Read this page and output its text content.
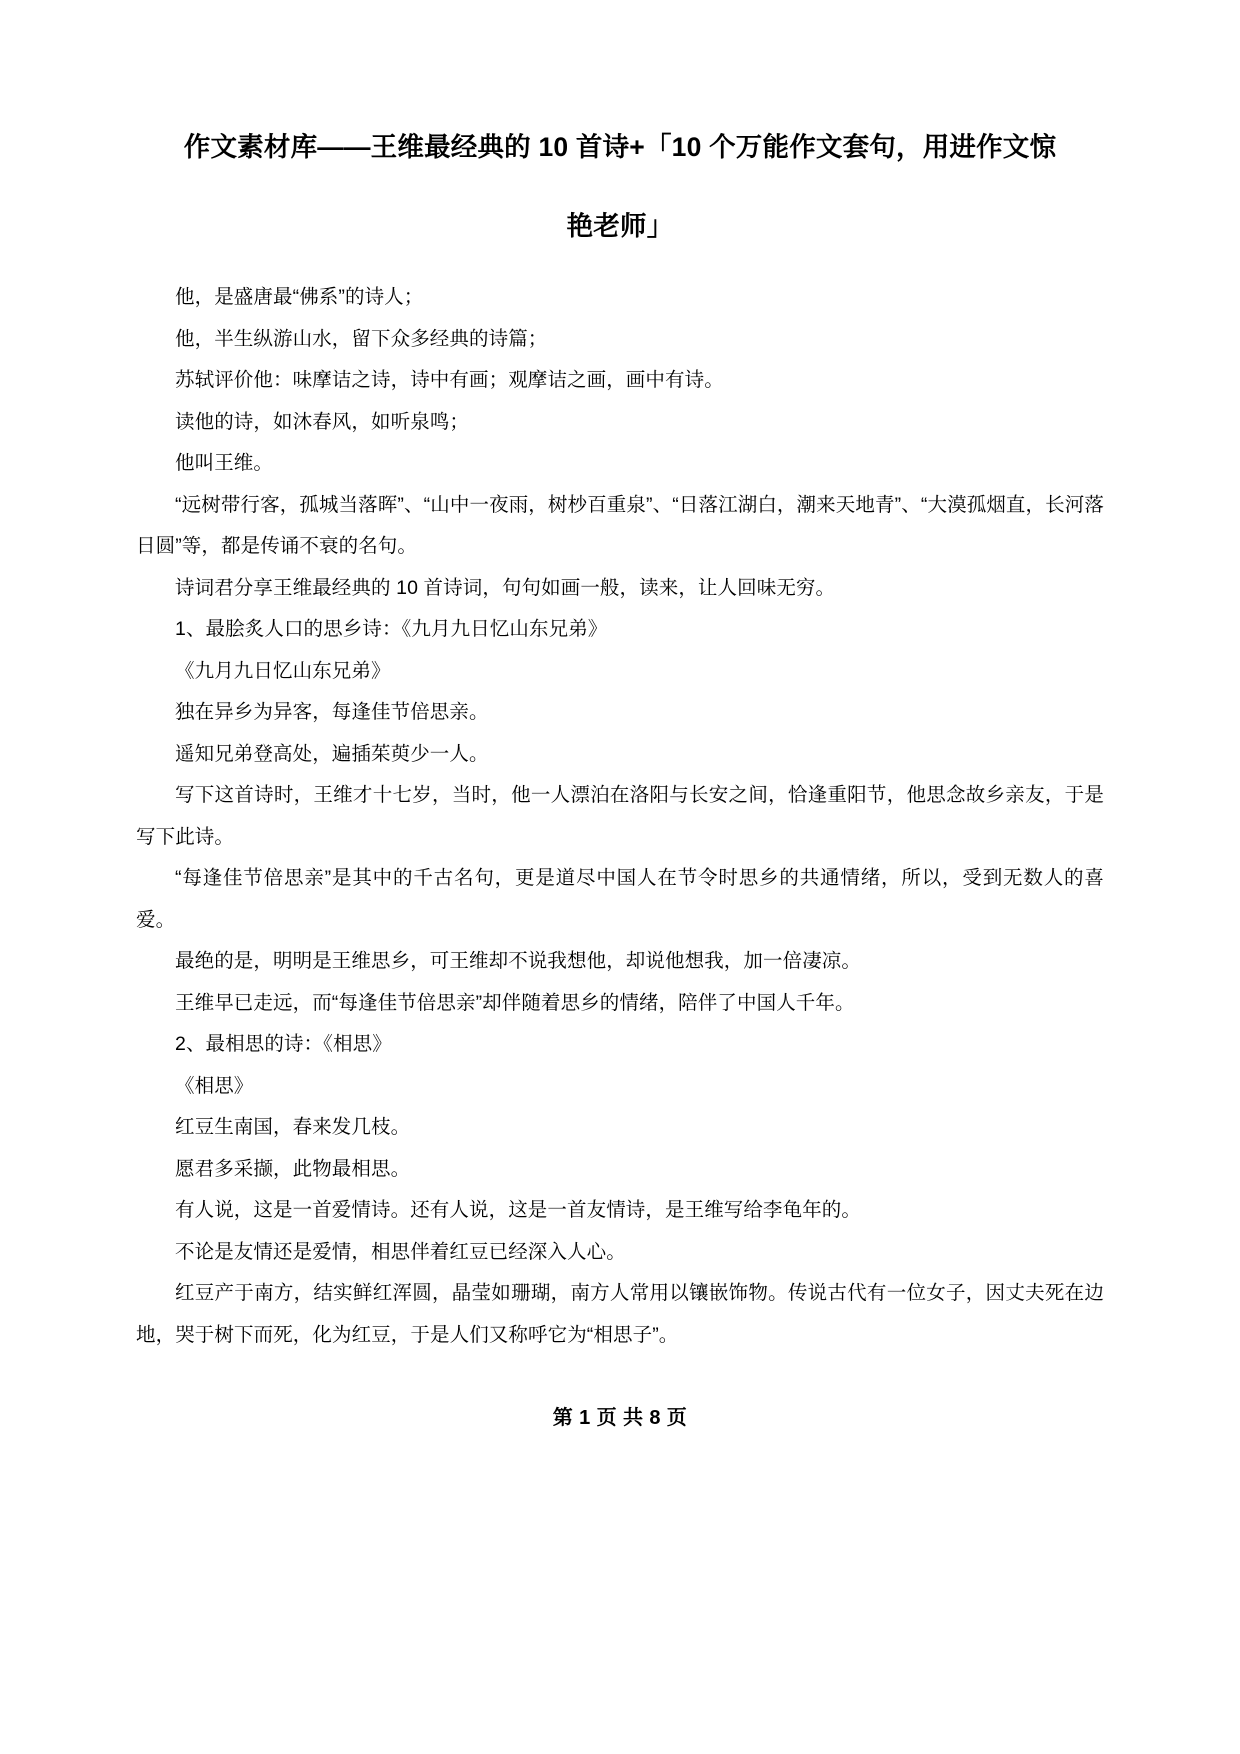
作文素材库——王维最经典的 10 首诗+「10 个万能作文套句，用进作文惊
艳老师」

他，是盛唐最“佛系”的诗人；

他，半生纵游山水，留下众多经典的诗篇；

苏轼评价他：味摩诘之诗，诗中有画；观摩诘之画，画中有诗。

读他的诗，如沐春风，如听泉鸣；

他叫王维。

“远树带行客，孤城当落晖”、“山中一夜雨，树杪百重泉”、“日落江湖白，潮来天地青”、“大漠孤烟直，长河落日圆”等，都是传诵不衰的名句。

诗词君分享王维最经典的 10 首诗词，句句如画一般，读来，让人回味无穷。

1、最脍炙人口的思乡诗：《九月九日忆山东兄弟》

《九月九日忆山东兄弟》

独在异乡为异客，每逢佳节倍思亲。

遥知兄弟登高处，遍插茱萸少一人。

写下这首诗时，王维才十七岁，当时，他一人漂泊在洛阳与长安之间，恰逢重阳节，他思念故乡亲友，于是写下此诗。

“每逢佳节倍思亲”是其中的千古名句，更是道尽中国人在节令时思乡的共通情绪，所以，受到无数人的喜爱。

最绝的是，明明是王维思乡，可王维却不说我想他，却说他想我，加一倍凄凉。

王维早已走远，而“每逢佳节倍思亲”却伴随着思乡的情绪，陪伴了中国人千年。

2、最相思的诗：《相思》

《相思》

红豆生南国，春来发几枝。

愿君多采撷，此物最相思。

有人说，这是一首爱情诗。还有人说，这是一首友情诗，是王维写给李龟年的。

不论是友情还是爱情，相思伴着红豆已经深入人心。

红豆产于南方，结实鲜红浑圆，晶莹如珊瑚，南方人常用以镶嵌饰物。传说古代有一位女子，因丈夫死在边地，哭于树下而死，化为红豆，于是人们又称呼它为“相思子”。

第 1 页 共 8 页
